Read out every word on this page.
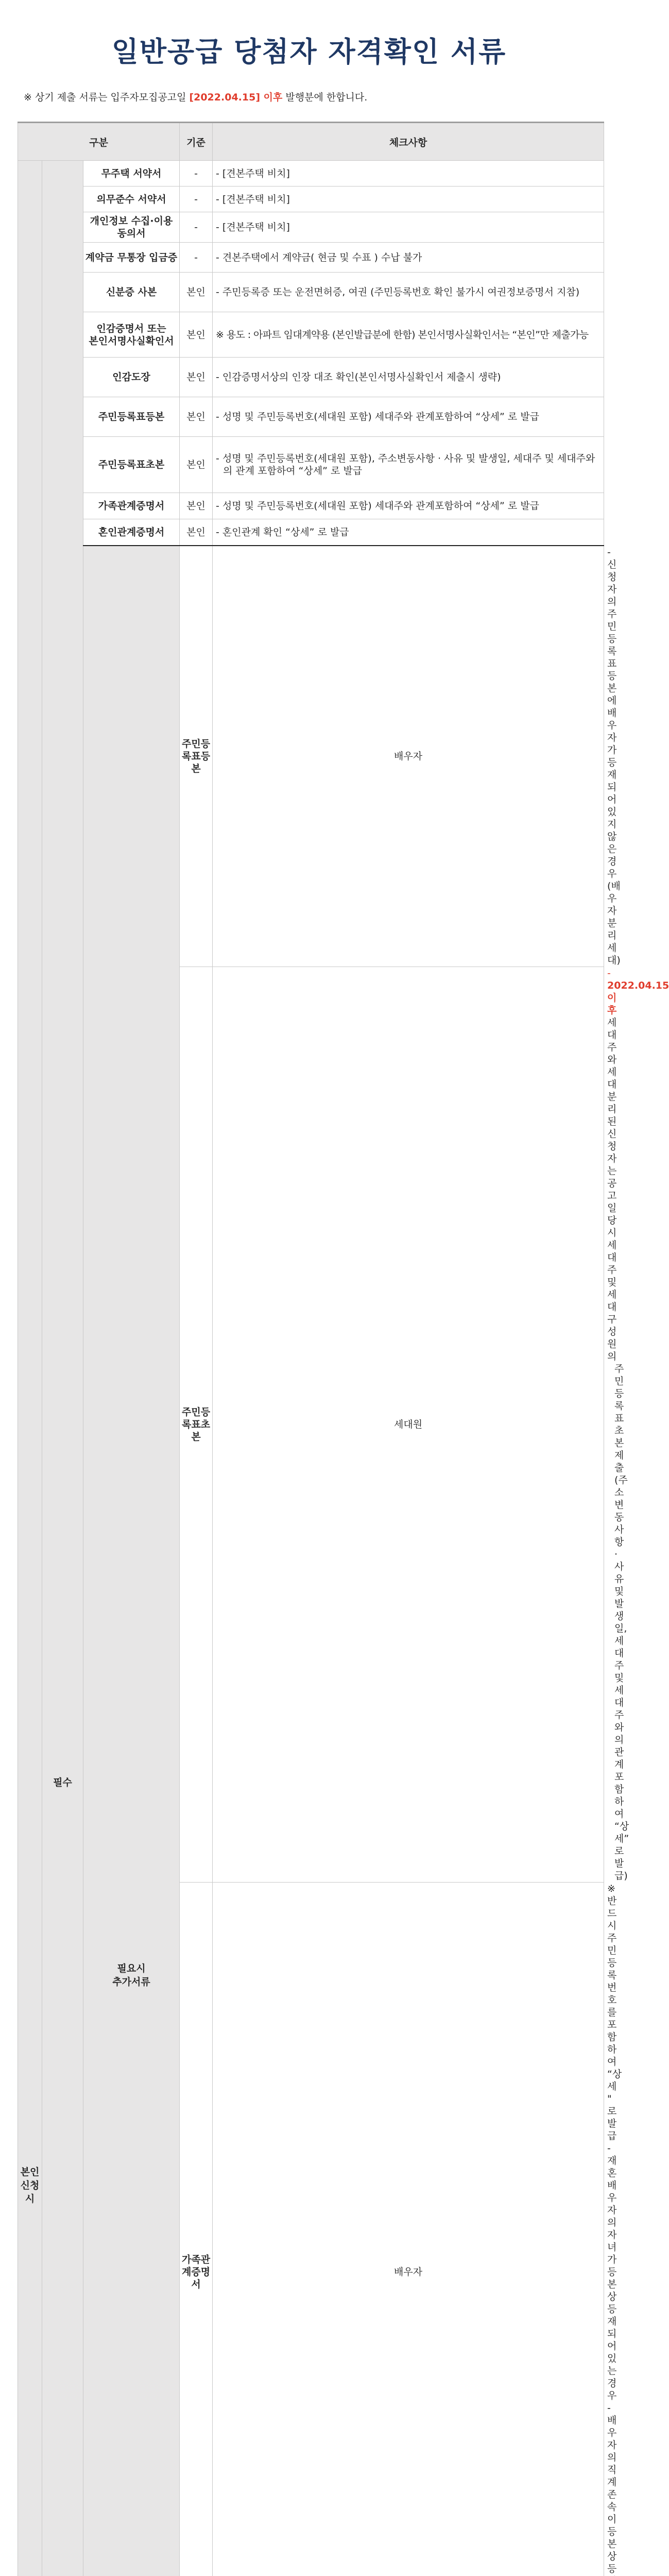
일반공급 당첨자 자격확인 서류
※ 상기 제출 서류는 입주자모집공고일 [2022.04.15] 이후 발행분에 한합니다.
구분			기준	체크사항	
본인
신청
시	필수	무주택 서약서	-	- [견본주택 비치]	
		의무준수 서약서	-	- [견본주택 비치]	
		개인정보 수집·이용
동의서	-	- [견본주택 비치]	
		계약금 무통장 입금증	-	- 견본주택에서 계약금( 현금 및 수표 ) 수납 불가	
		신분증 사본	본인	- 주민등록증 또는 운전면허증, 여권 (주민등록번호 확인 불가시 여권정보증명서 지참)	
		인감증명서 또는
본인서명사실확인서	본인	※ 용도 : 아파트 임대계약용 (본인발급분에 한함) 본인서명사실확인서는 “본인”만 제출가능	
		인감도장	본인	- 인감증명서상의 인장 대조 확인(본인서명사실확인서 제출시 생략)	
		주민등록표등본	본인	- 성명 및 주민등록번호(세대원 포함) 세대주와 관계포함하여 “상세” 로 발급	
		주민등록표초본	본인	- 성명 및 주민등록번호(세대원 포함), 주소변동사항 · 사유 및 발생일, 세대주 및 세대주와
의 관계 포함하여 “상세” 로 발급	

		가족관계증명서	본인	- 성명 및 주민등록번호(세대원 포함) 세대주와 관계포함하여 “상세” 로 발급	
		혼인관계증명서	본인	- 혼인관계 확인 “상세” 로 발급	
		필요시
추가서류	주민등록표등본	배우자	- 신청자의 주민등록표등본에 배우자가 등재되어 있지 않은 경우 (배우자 분리세대)
			주민등록표초본	세대원	- 2022.04.15 이후 세대주와 세대 분리된 신청자는 공고일 당시 세대주 및 세대구성원의
주민등록표초본 제출 (주소변동사항 · 사유 및 발생일, 세대주 및 세대주와의 관계 포함
하여 “상세” 로 발급)

			가족관계증명서	배우자	※ 반드시 주민등록번호를 포함하여 “상세 " 로 발급
- 재혼 배우자의 자녀가 등본 상 등재되어있는 경우
- 배우자의 직계존속이 등본 상 등
